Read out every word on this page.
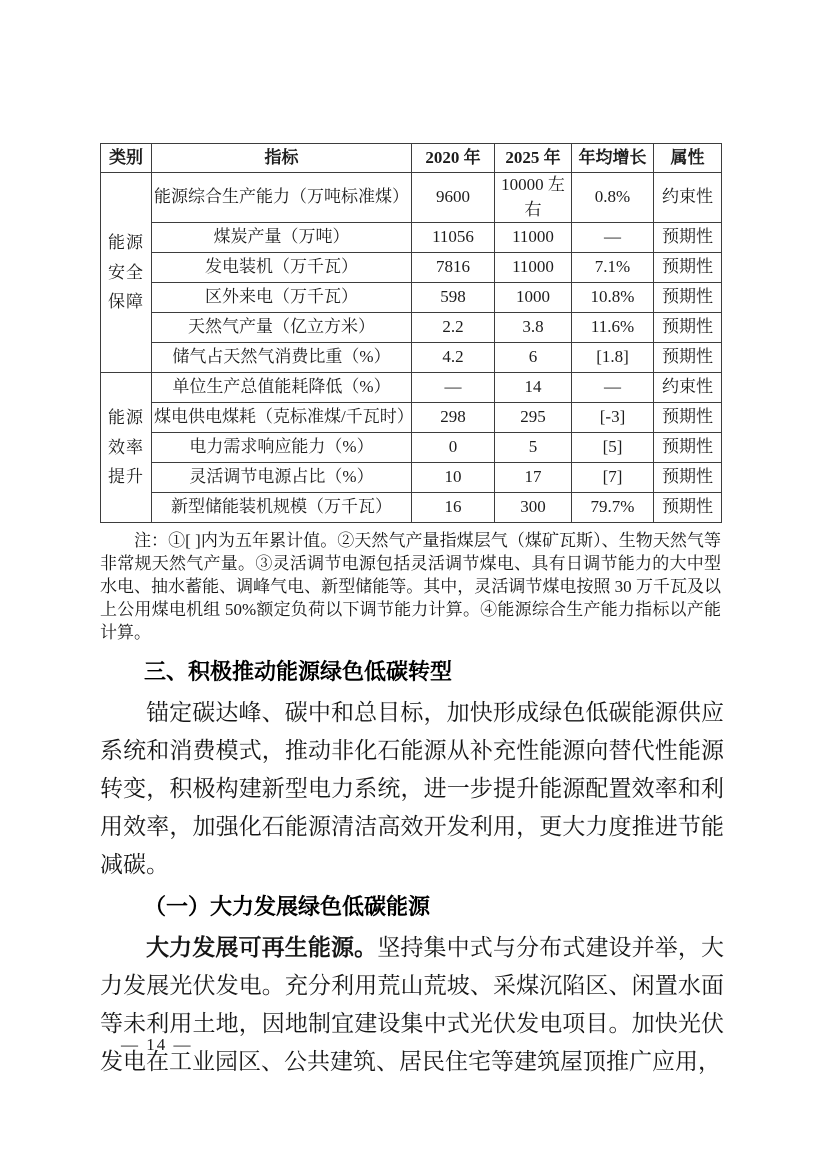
类别	指标	2020 年	2025 年	年均增长	属性
能源安全保障	能源综合生产能力（万吨标准煤）	9600	10000 左右	0.8%	约束性
	煤炭产量（万吨）	11056	11000	—	预期性
	发电装机（万千瓦）	7816	11000	7.1%	预期性
	区外来电（万千瓦）	598	1000	10.8%	预期性
	天然气产量（亿立方米）	2.2	3.8	11.6%	预期性
	储气占天然气消费比重（%）	4.2	6	[1.8]	预期性
能源效率提升	单位生产总值能耗降低（%）	—	14	—	约束性
	煤电供电煤耗（克标准煤/千瓦时）	298	295	[-3]	预期性
	电力需求响应能力（%）	0	5	[5]	预期性
	灵活调节电源占比（%）	10	17	[7]	预期性
	新型储能装机规模（万千瓦）	16	300	79.7%	预期性

注：①[ ]内为五年累计值。②天然气产量指煤层气（煤矿瓦斯）、生物天然气等非常规天然气产量。③灵活调节电源包括灵活调节煤电、具有日调节能力的大中型水电、抽水蓄能、调峰气电、新型储能等。其中，灵活调节煤电按照 30 万千瓦及以上公用煤电机组 50%额定负荷以下调节能力计算。④能源综合生产能力指标以产能计算。

三、积极推动能源绿色低碳转型

锚定碳达峰、碳中和总目标，加快形成绿色低碳能源供应系统和消费模式，推动非化石能源从补充性能源向替代性能源转变，积极构建新型电力系统，进一步提升能源配置效率和利用效率，加强化石能源清洁高效开发利用，更大力度推进节能减碳。

（一）大力发展绿色低碳能源

大力发展可再生能源。坚持集中式与分布式建设并举，大力发展光伏发电。充分利用荒山荒坡、采煤沉陷区、闲置水面等未利用土地，因地制宜建设集中式光伏发电项目。加快光伏发电在工业园区、公共建筑、居民住宅等建筑屋顶推广应用，

— 14 —
